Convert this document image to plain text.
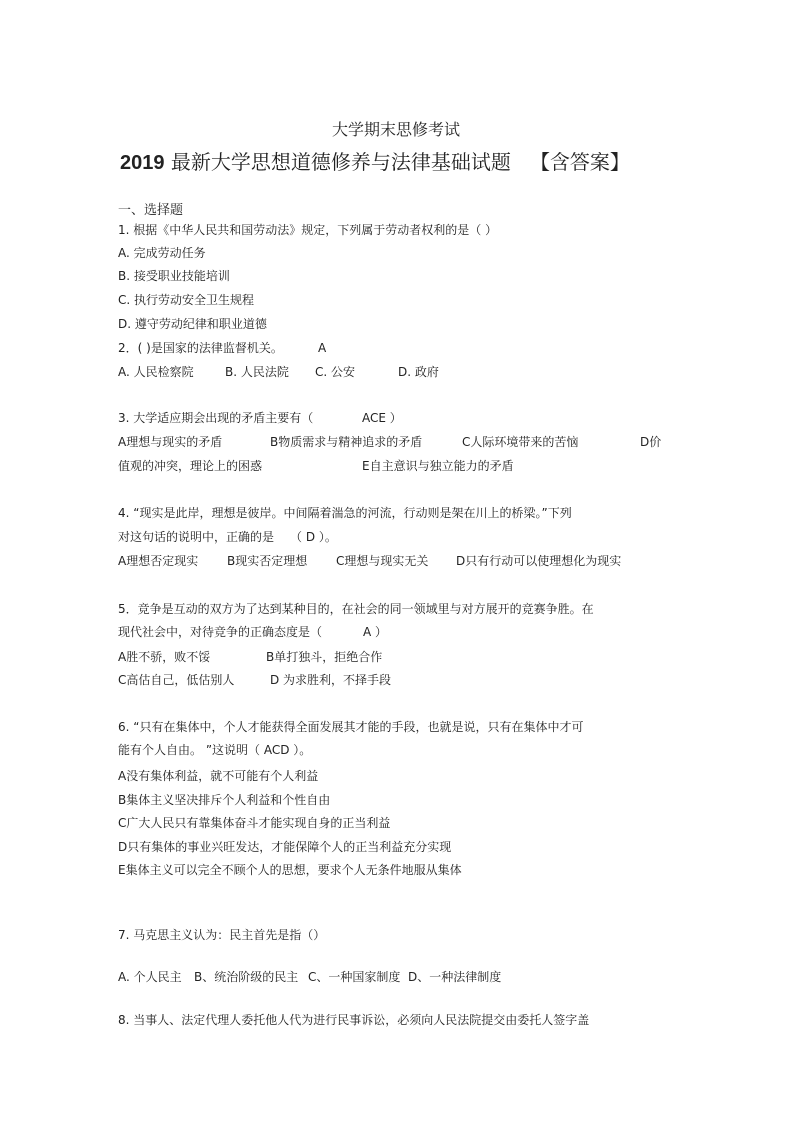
大学期末思修考试
2019 最新大学思想道德修养与法律基础试题 【含答案】
一、选择题
1. 根据《中华人民共和国劳动法》规定，下列属于劳动者权利的是（ ）
A. 完成劳动任务
B. 接受职业技能培训
C. 执行劳动安全卫生规程
D. 遵守劳动纪律和职业道德
2．( )是国家的法律监督机关。	A
A. 人民检察院	B. 人民法院 C. 公安	D. 政府
3. 大学适应期会出现的矛盾主要有（	ACE ）
A理想与现实的矛盾	B物质需求与精神追求的矛盾	C人际环境带来的苦恼	D价
值观的冲突，理论上的困惑	E自主意识与独立能力的矛盾
4. “现实是此岸，理想是彼岸。中间隔着湍急的河流，行动则是架在川上的桥梁。”下列
对这句话的说明中，正确的是 （ D ）。
A理想否定现实 B现实否定理想 C理想与现实无关 D只有行动可以使理想化为现实
5．竞争是互动的双方为了达到某种目的，在社会的同一领域里与对方展开的竞赛争胜。在
现代社会中，对待竞争的正确态度是（	A ）
A胜不骄，败不馁	B单打独斗，拒绝合作
C高估自己，低估别人	D 为求胜利，不择手段
6. “只有在集体中，个人才能获得全面发展其才能的手段，也就是说，只有在集体中才可
能有个人自由。 ”这说明（ ACD ）。
A没有集体利益，就不可能有个人利益
B集体主义坚决排斥个人利益和个性自由
C广大人民只有靠集体奋斗才能实现自身的正当利益
D只有集体的事业兴旺发达，才能保障个人的正当利益充分实现
E集体主义可以完全不顾个人的思想，要求个人无条件地服从集体
7. 马克思主义认为：民主首先是指（）
A. 个人民主 B、统治阶级的民主 C、一种国家制度 D、一种法律制度
8. 当事人、法定代理人委托他人代为进行民事诉讼，必须向人民法院提交由委托人签字盖
